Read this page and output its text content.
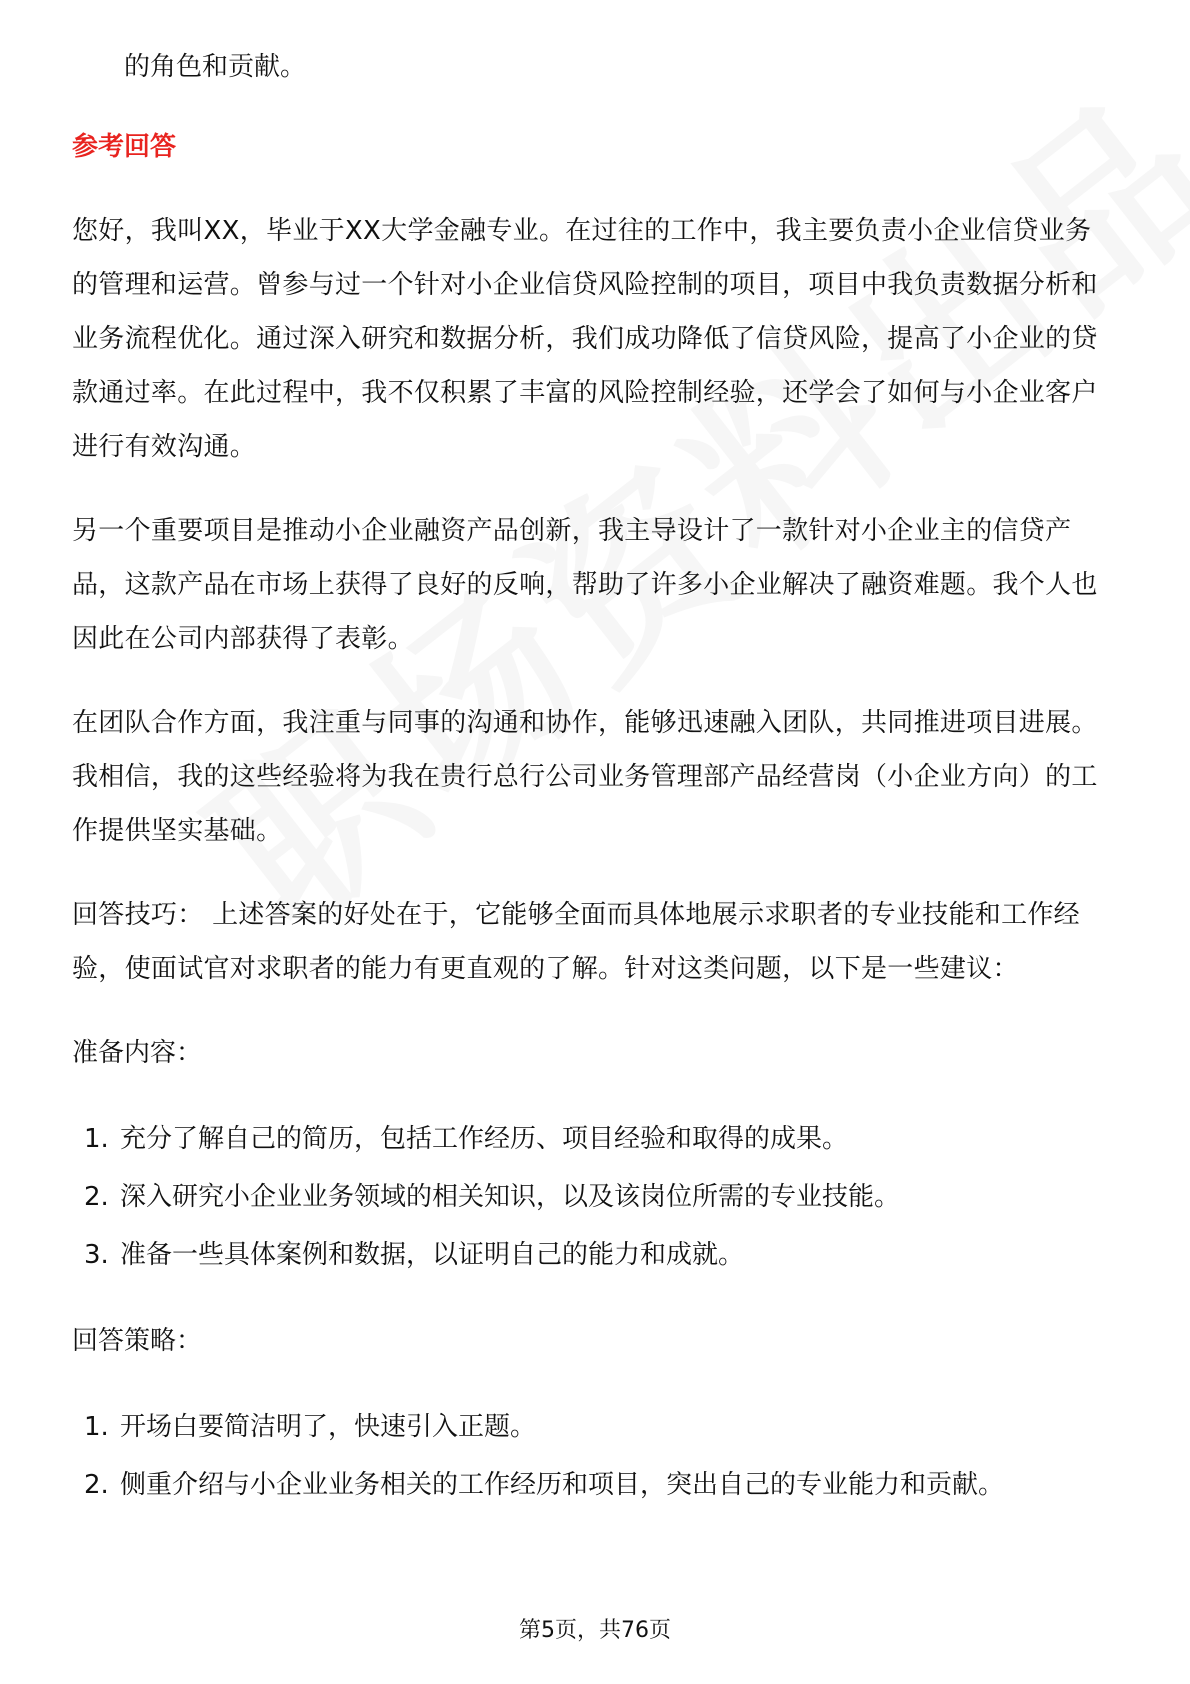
的角色和贡献。

参考回答

您好，我叫XX，毕业于XX大学金融专业。在过往的工作中，我主要负责小企业信贷业务的管理和运营。曾参与过一个针对小企业信贷风险控制的项目，项目中我负责数据分析和业务流程优化。通过深入研究和数据分析，我们成功降低了信贷风险，提高了小企业的贷款通过率。在此过程中，我不仅积累了丰富的风险控制经验，还学会了如何与小企业客户进行有效沟通。

另一个重要项目是推动小企业融资产品创新，我主导设计了一款针对小企业主的信贷产品，这款产品在市场上获得了良好的反响，帮助了许多小企业解决了融资难题。我个人也因此在公司内部获得了表彰。

在团队合作方面，我注重与同事的沟通和协作，能够迅速融入团队，共同推进项目进展。我相信，我的这些经验将为我在贵行总行公司业务管理部产品经营岗（小企业方向）的工作提供坚实基础。

回答技巧： 上述答案的好处在于，它能够全面而具体地展示求职者的专业技能和工作经验，使面试官对求职者的能力有更直观的了解。针对这类问题，以下是一些建议：

准备内容：

1. 充分了解自己的简历，包括工作经历、项目经验和取得的成果。
2. 深入研究小企业业务领域的相关知识，以及该岗位所需的专业技能。
3. 准备一些具体案例和数据，以证明自己的能力和成就。

回答策略：

1. 开场白要简洁明了，快速引入正题。
2. 侧重介绍与小企业业务相关的工作经历和项目，突出自己的专业能力和贡献。
第5页，共76页
